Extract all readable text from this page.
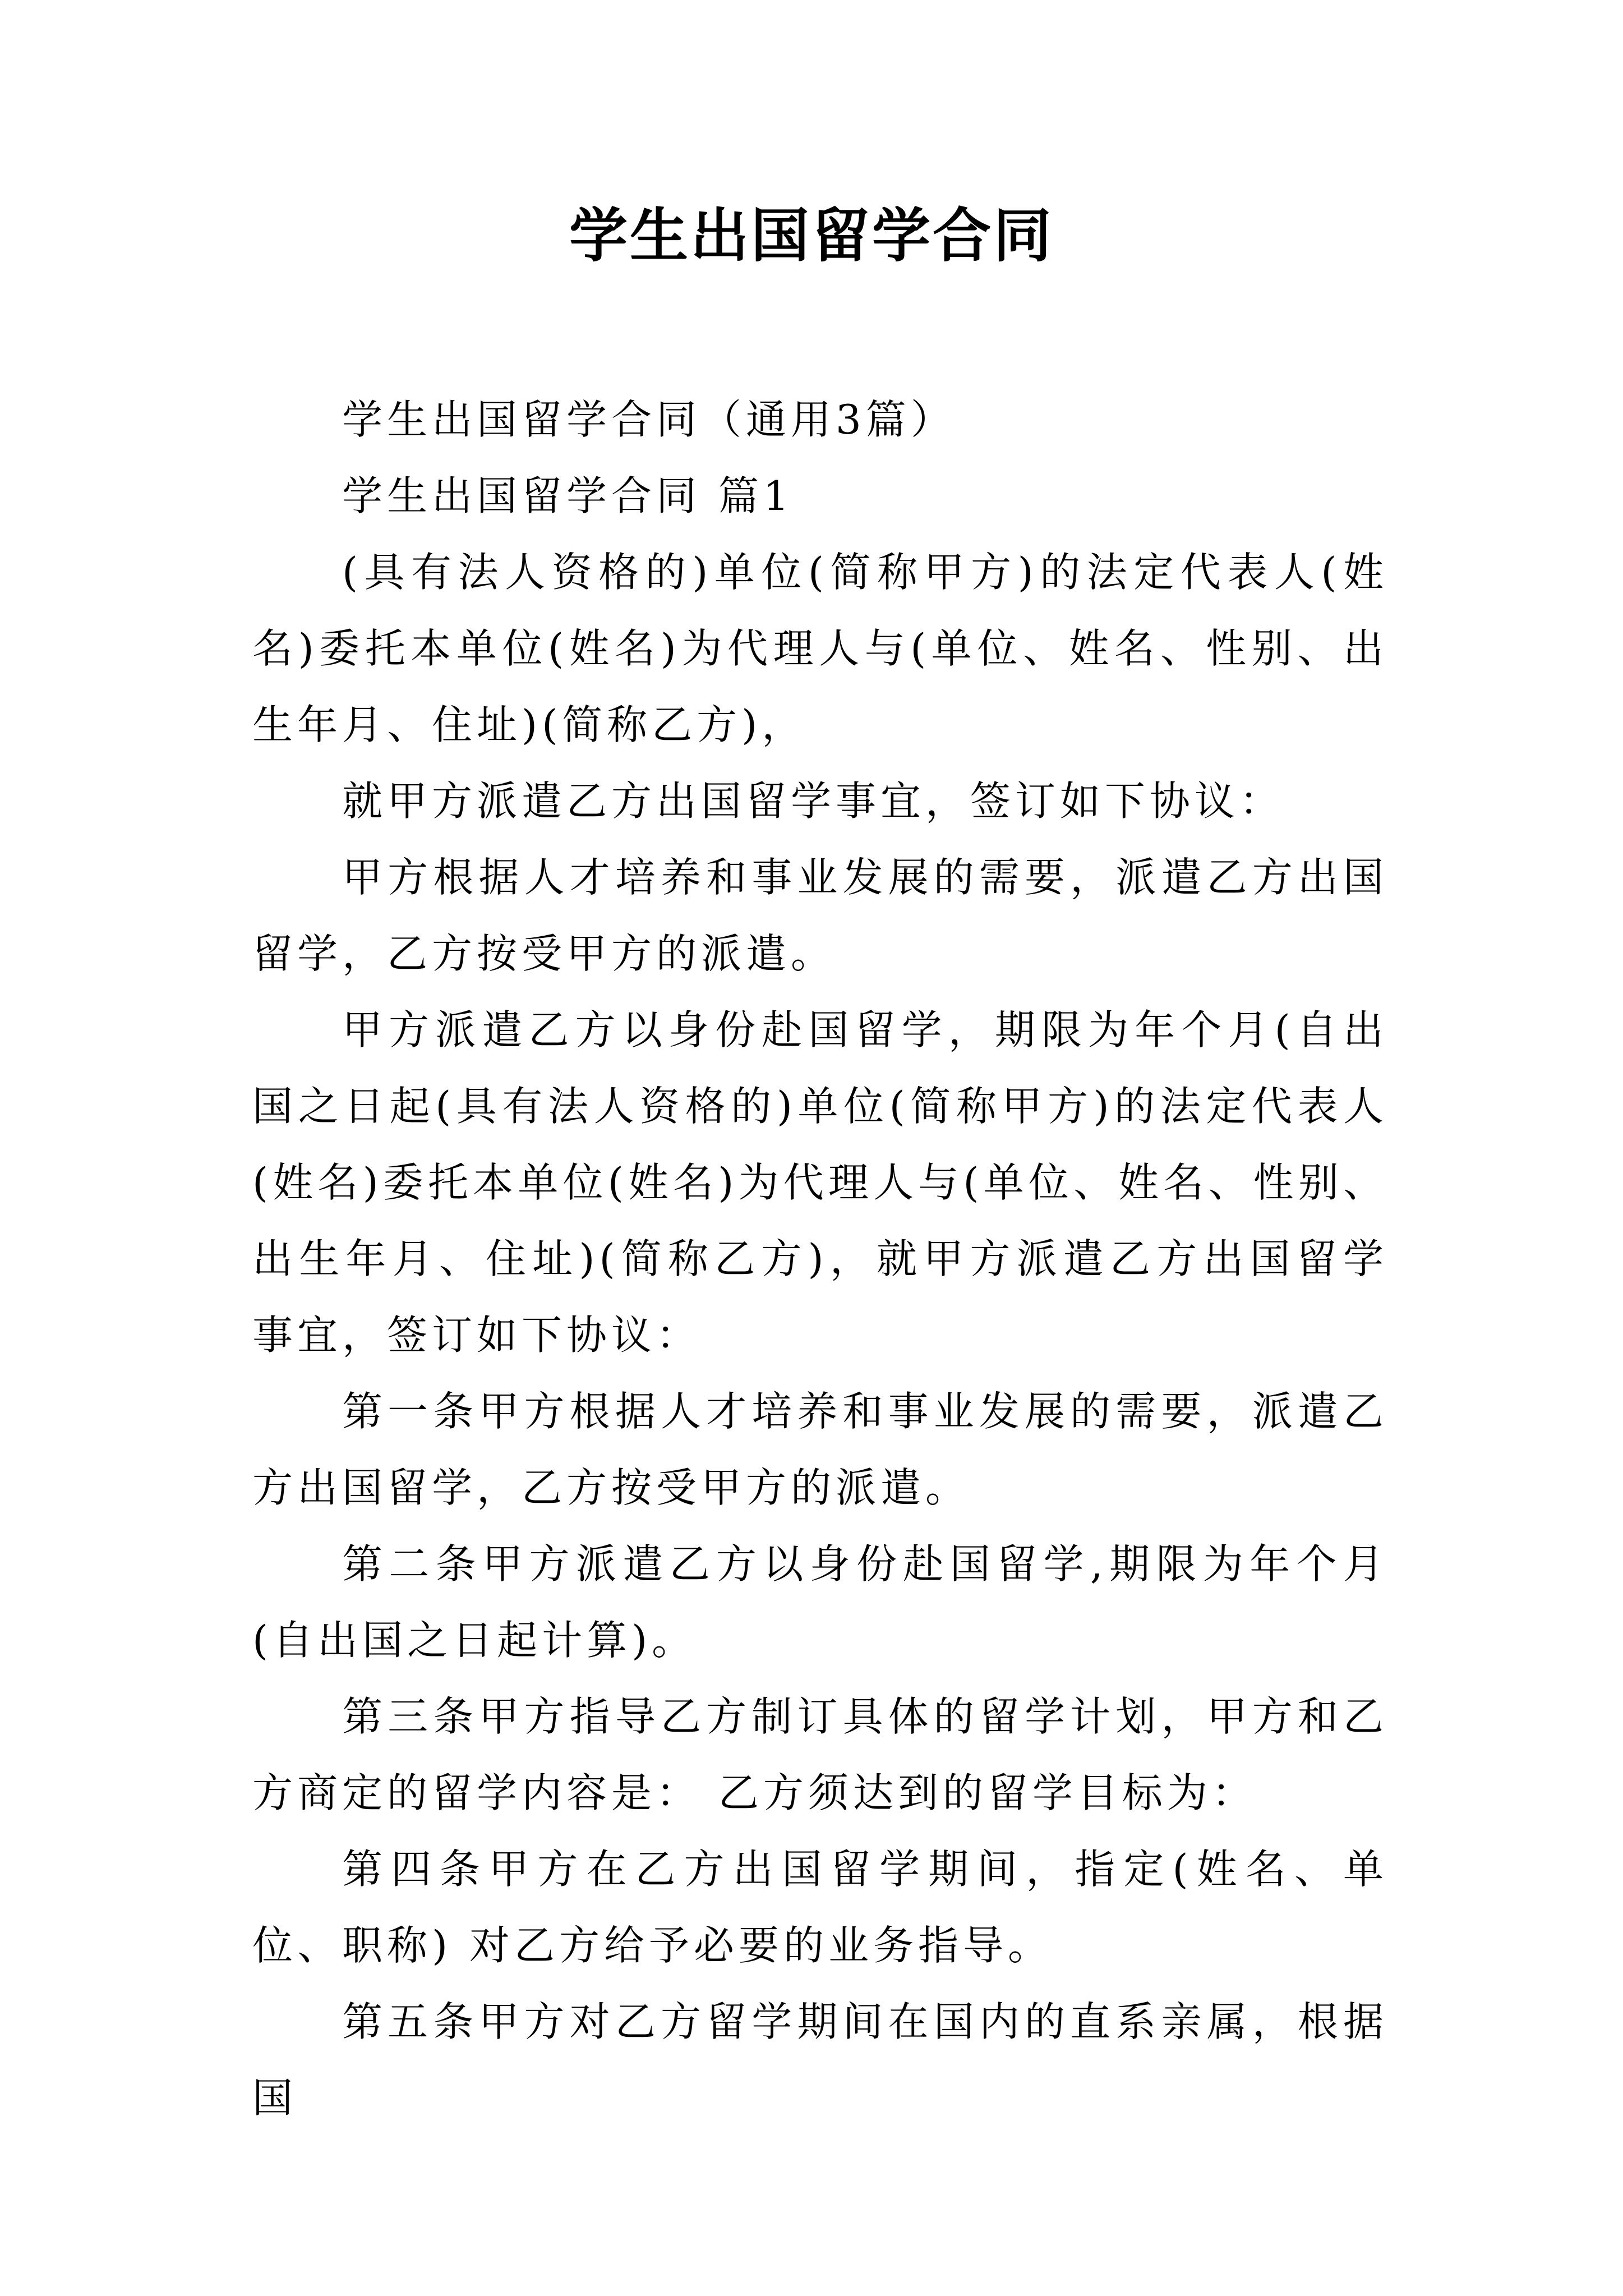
学生出国留学合同

学生出国留学合同（通用3篇）

学生出国留学合同 篇1

(具有法人资格的)单位(简称甲方)的法定代表人(姓名)委托本单位(姓名)为代理人与(单位、姓名、性别、出生年月、住址)(简称乙方)，

就甲方派遣乙方出国留学事宜，签订如下协议：

甲方根据人才培养和事业发展的需要，派遣乙方出国留学，乙方按受甲方的派遣。

甲方派遣乙方以身份赴国留学，期限为年个月(自出国之日起(具有法人资格的)单位(简称甲方)的法定代表人(姓名)委托本单位(姓名)为代理人与(单位、姓名、性别、出生年月、住址)(简称乙方)，就甲方派遣乙方出国留学事宜，签订如下协议：

第一条甲方根据人才培养和事业发展的需要，派遣乙方出国留学，乙方按受甲方的派遣。

第二条甲方派遣乙方以身份赴国留学,期限为年个月(自出国之日起计算)。

第三条甲方指导乙方制订具体的留学计划，甲方和乙方商定的留学内容是： 乙方须达到的留学目标为：

第四条甲方在乙方出国留学期间，指定(姓名、单位、职称) 对乙方给予必要的业务指导。

第五条甲方对乙方留学期间在国内的直系亲属，根据国
